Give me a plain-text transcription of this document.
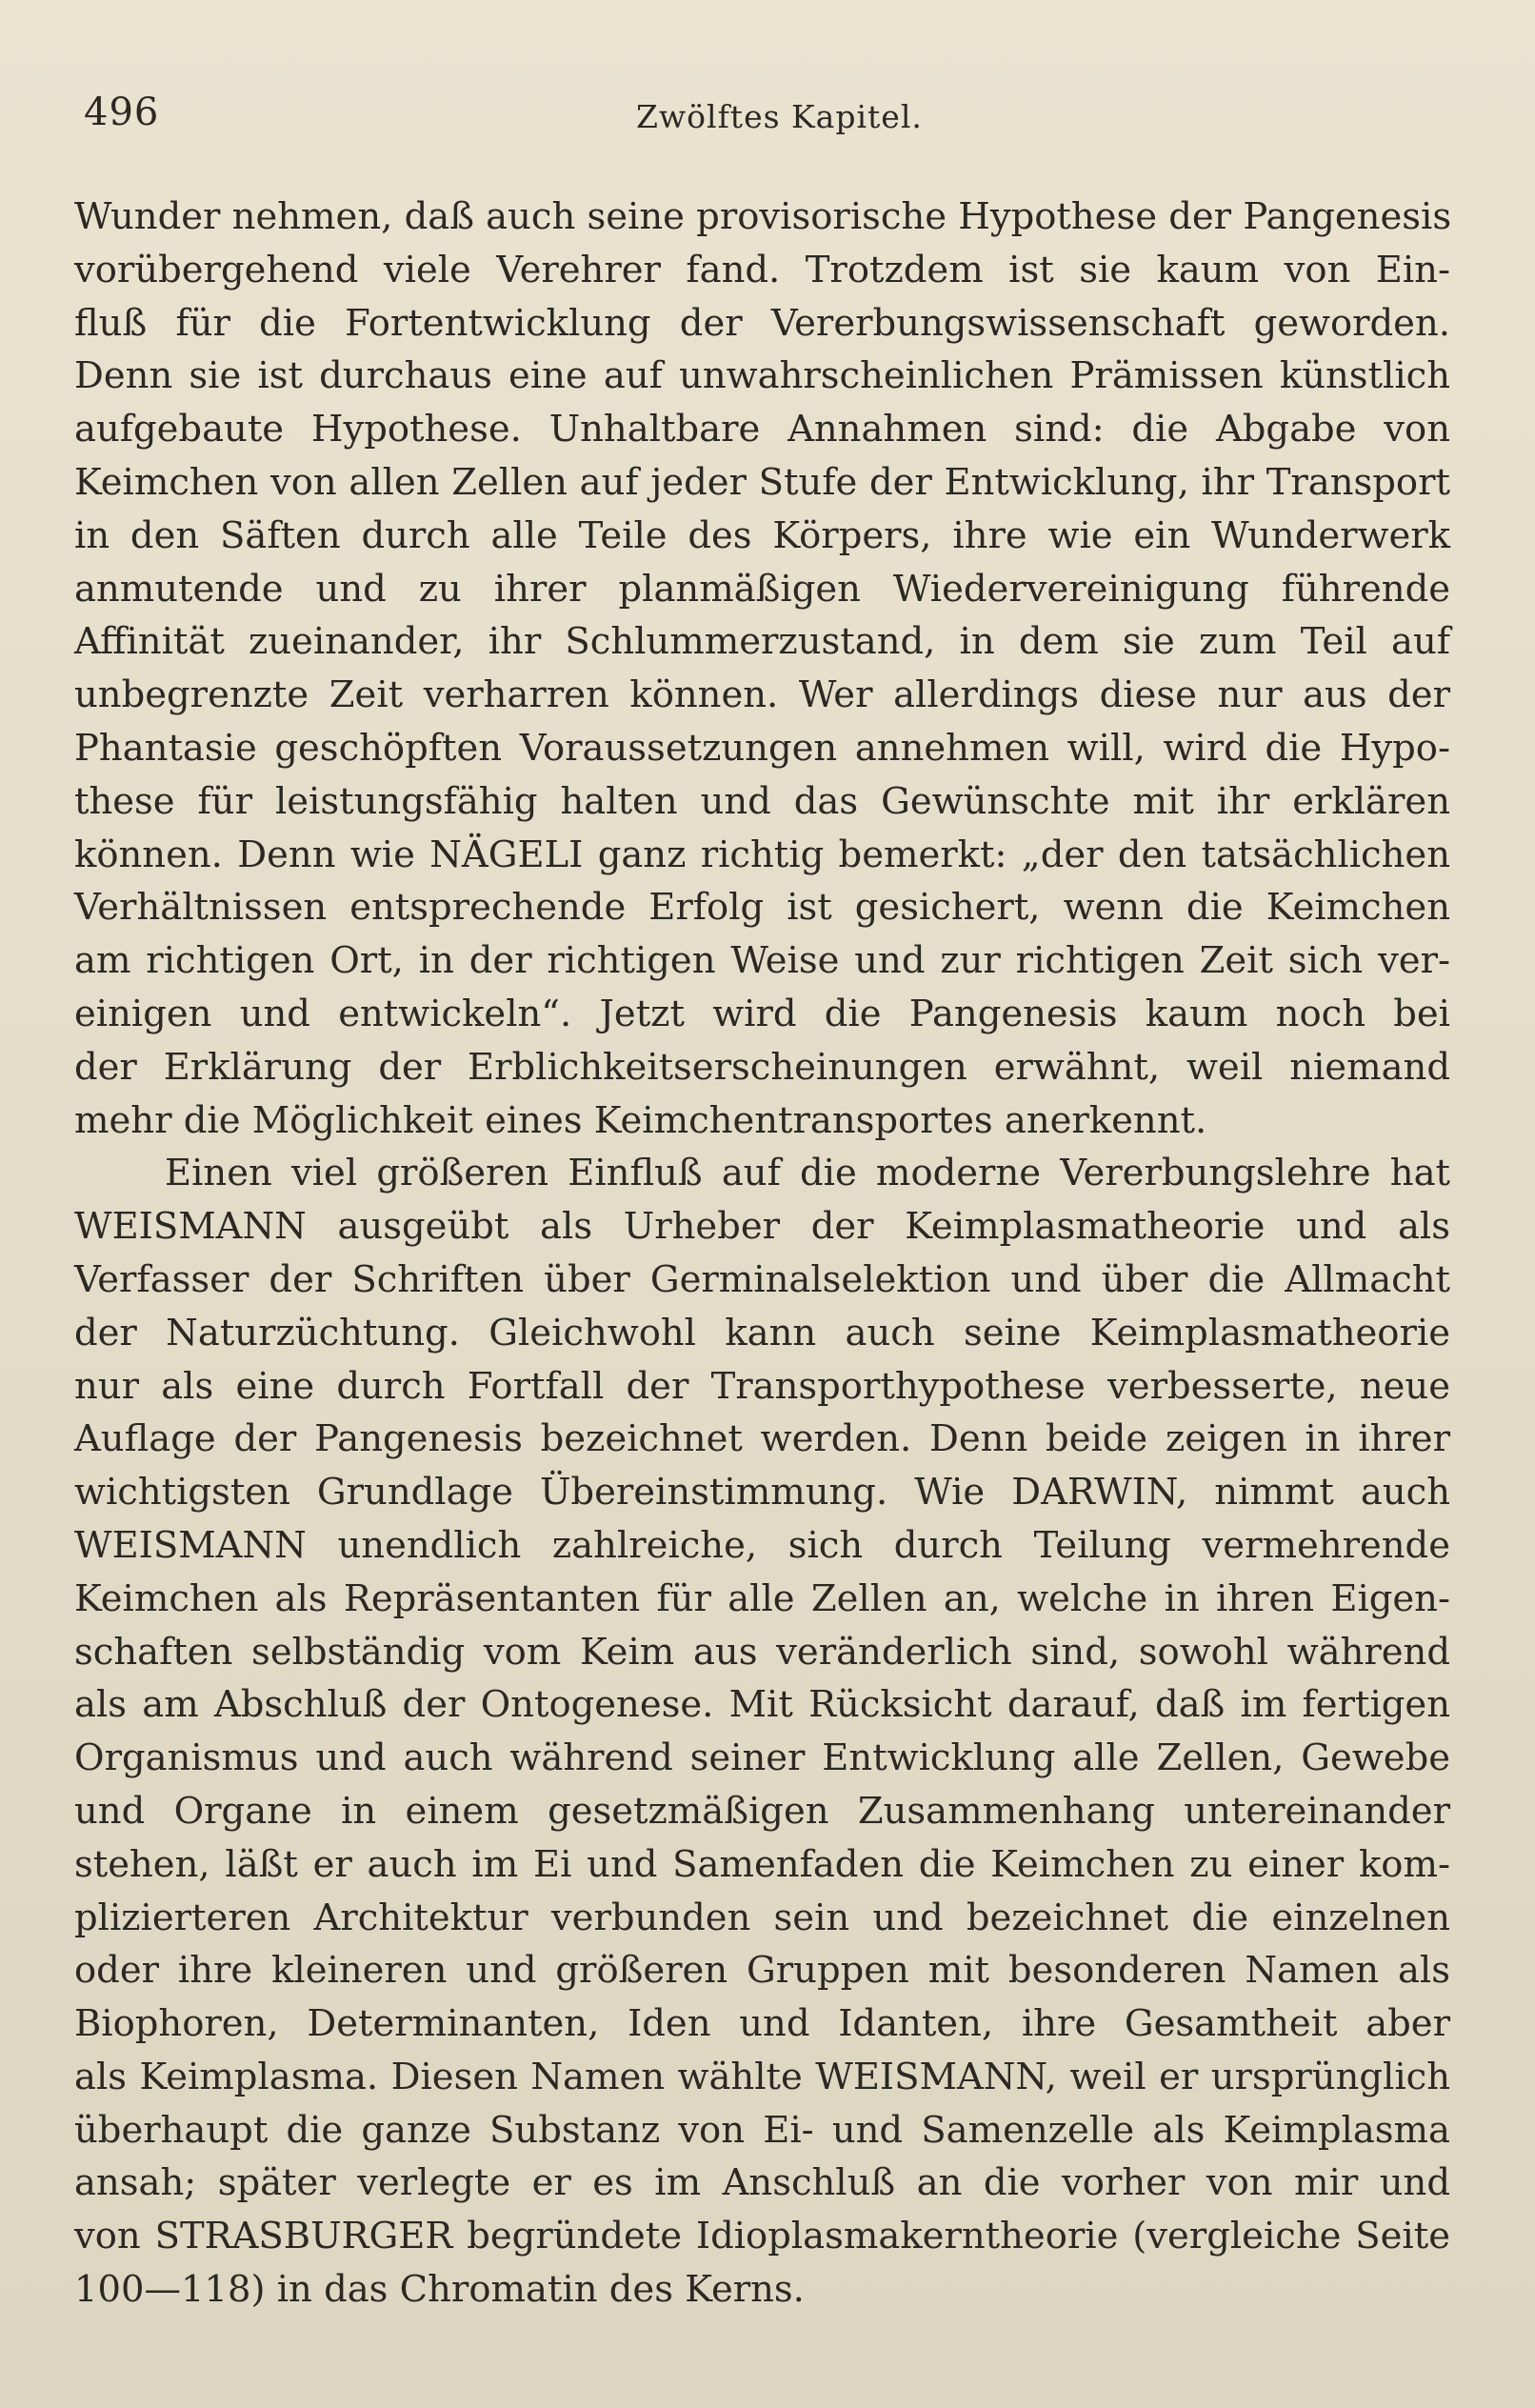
496	Zwölftes Kapitel.
Wunder nehmen, daß auch seine provisorische Hypothese der Pangenesis
vorübergehend viele Verehrer fand. Trotzdem ist sie kaum von Ein-
fluß für die Fortentwicklung der Vererbungswissenschaft geworden.
Denn sie ist durchaus eine auf unwahrscheinlichen Prämissen künstlich
aufgebaute Hypothese. Unhaltbare Annahmen sind: die Abgabe von
Keimchen von allen Zellen auf jeder Stufe der Entwicklung, ihr Transport
in den Säften durch alle Teile des Körpers, ihre wie ein Wunderwerk
anmutende und zu ihrer planmäßigen Wiedervereinigung führende
Affinität zueinander, ihr Schlummerzustand, in dem sie zum Teil auf
unbegrenzte Zeit verharren können. Wer allerdings diese nur aus der
Phantasie geschöpften Voraussetzungen annehmen will, wird die Hypo-
these für leistungsfähig halten und das Gewünschte mit ihr erklären
können. Denn wie NÄGELI ganz richtig bemerkt: „der den tatsächlichen
Verhältnissen entsprechende Erfolg ist gesichert, wenn die Keimchen
am richtigen Ort, in der richtigen Weise und zur richtigen Zeit sich ver-
einigen und entwickeln“. Jetzt wird die Pangenesis kaum noch bei
der Erklärung der Erblichkeitserscheinungen erwähnt, weil niemand
mehr die Möglichkeit eines Keimchentransportes anerkennt.
Einen viel größeren Einfluß auf die moderne Vererbungslehre hat
WEISMANN ausgeübt als Urheber der Keimplasmatheorie und als
Verfasser der Schriften über Germinalselektion und über die Allmacht
der Naturzüchtung. Gleichwohl kann auch seine Keimplasmatheorie
nur als eine durch Fortfall der Transporthypothese verbesserte, neue
Auflage der Pangenesis bezeichnet werden. Denn beide zeigen in ihrer
wichtigsten Grundlage Übereinstimmung. Wie DARWIN, nimmt auch
WEISMANN unendlich zahlreiche, sich durch Teilung vermehrende
Keimchen als Repräsentanten für alle Zellen an, welche in ihren Eigen-
schaften selbständig vom Keim aus veränderlich sind, sowohl während
als am Abschluß der Ontogenese. Mit Rücksicht darauf, daß im fertigen
Organismus und auch während seiner Entwicklung alle Zellen, Gewebe
und Organe in einem gesetzmäßigen Zusammenhang untereinander
stehen, läßt er auch im Ei und Samenfaden die Keimchen zu einer kom-
plizierteren Architektur verbunden sein und bezeichnet die einzelnen
oder ihre kleineren und größeren Gruppen mit besonderen Namen als
Biophoren, Determinanten, Iden und Idanten, ihre Gesamtheit aber
als Keimplasma. Diesen Namen wählte WEISMANN, weil er ursprünglich
überhaupt die ganze Substanz von Ei- und Samenzelle als Keimplasma
ansah; später verlegte er es im Anschluß an die vorher von mir und
von STRASBURGER begründete Idioplasmakerntheorie (vergleiche Seite
100—118) in das Chromatin des Kerns.
